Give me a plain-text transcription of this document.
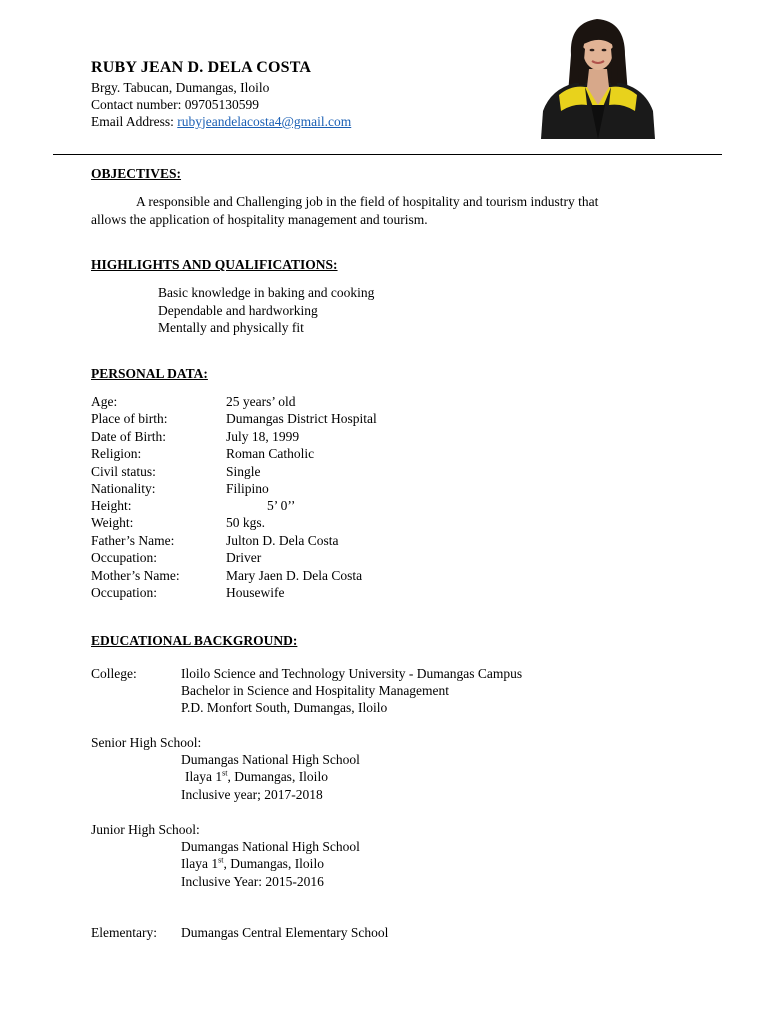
RUBY JEAN D. DELA COSTA
Brgy. Tabucan, Dumangas, Iloilo
Contact number: 09705130599
Email Address: rubyjeandelacosta4@gmail.com
OBJECTIVES:
A responsible and Challenging job in the field of hospitality and tourism industry that
allows the application of hospitality management and tourism.
HIGHLIGHTS AND QUALIFICATIONS:
Basic knowledge in baking and cooking
Dependable and hardworking
Mentally and physically fit
PERSONAL DATA:
Age:	25 years’ old
Place of birth:	Dumangas District Hospital
Date of Birth:	July 18, 1999
Religion:	Roman Catholic
Civil status:	Single
Nationality:	Filipino
Height:	5’ 0’’
Weight:	50 kgs.
Father’s Name:	Julton D. Dela Costa
Occupation:	Driver
Mother’s Name:	Mary Jaen D. Dela Costa
Occupation:	Housewife
EDUCATIONAL BACKGROUND:
College:	Iloilo Science and Technology University - Dumangas Campus
Bachelor in Science and Hospitality Management
P.D. Monfort South, Dumangas, Iloilo
Senior High School:
Dumangas National High School
Ilaya 1st, Dumangas, Iloilo
Inclusive year; 2017-2018
Junior High School:
Dumangas National High School
Ilaya 1st, Dumangas, Iloilo
Inclusive Year: 2015-2016
Elementary: Dumangas Central Elementary School
